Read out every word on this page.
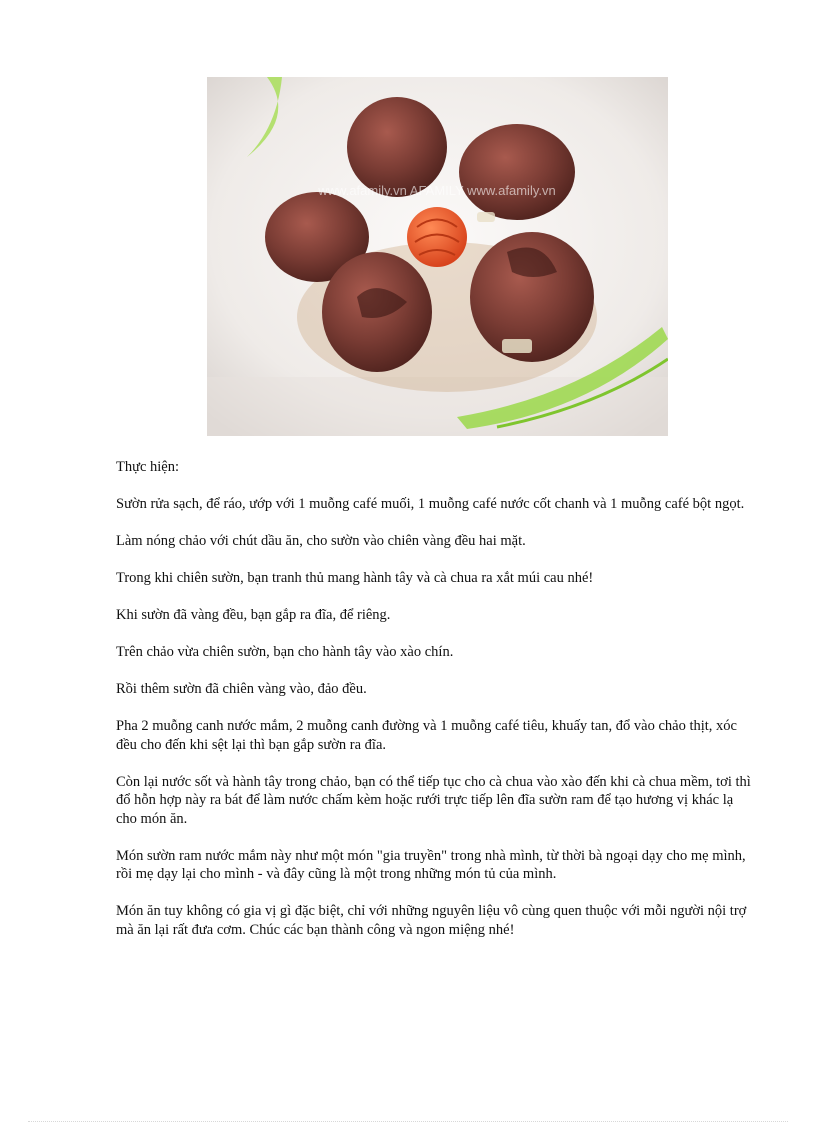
www.afamily.vn AFAMILY www.afamily.vn

Thực hiện:

Sườn rửa sạch, để ráo, ướp với 1 muỗng café muối, 1 muỗng café nước cốt chanh và 1 muỗng café bột ngọt.

Làm nóng chảo với chút dầu ăn, cho sườn vào chiên vàng đều hai mặt.

Trong khi chiên sườn, bạn tranh thủ mang hành tây và cà chua ra xắt múi cau nhé!

Khi sườn đã vàng đều, bạn gắp ra đĩa, để riêng.

Trên chảo vừa chiên sườn, bạn cho hành tây vào xào chín.

Rồi thêm sườn đã chiên vàng vào, đảo đều.

Pha 2 muỗng canh nước mắm, 2 muỗng canh đường và 1 muỗng café tiêu, khuấy tan, đổ vào chảo thịt, xóc đều cho đến khi sệt lại thì bạn gắp sườn ra đĩa.

Còn lại nước sốt và hành tây trong chảo, bạn có thể tiếp tục cho cà chua vào xào đến khi cà chua mềm, tơi thì đổ hỗn hợp này ra bát để làm nước chấm kèm hoặc rưới trực tiếp lên đĩa sườn ram để tạo hương vị khác lạ cho món ăn.

Món sườn ram nước mắm này như một món "gia truyền" trong nhà mình, từ thời bà ngoại dạy cho mẹ mình, rồi mẹ dạy lại cho mình - và đây cũng là một trong những món tủ của mình.

Món ăn tuy không có gia vị gì đặc biệt, chỉ với những nguyên liệu vô cùng quen thuộc với mỗi người nội trợ mà ăn lại rất đưa cơm. Chúc các bạn thành công và ngon miệng nhé!
